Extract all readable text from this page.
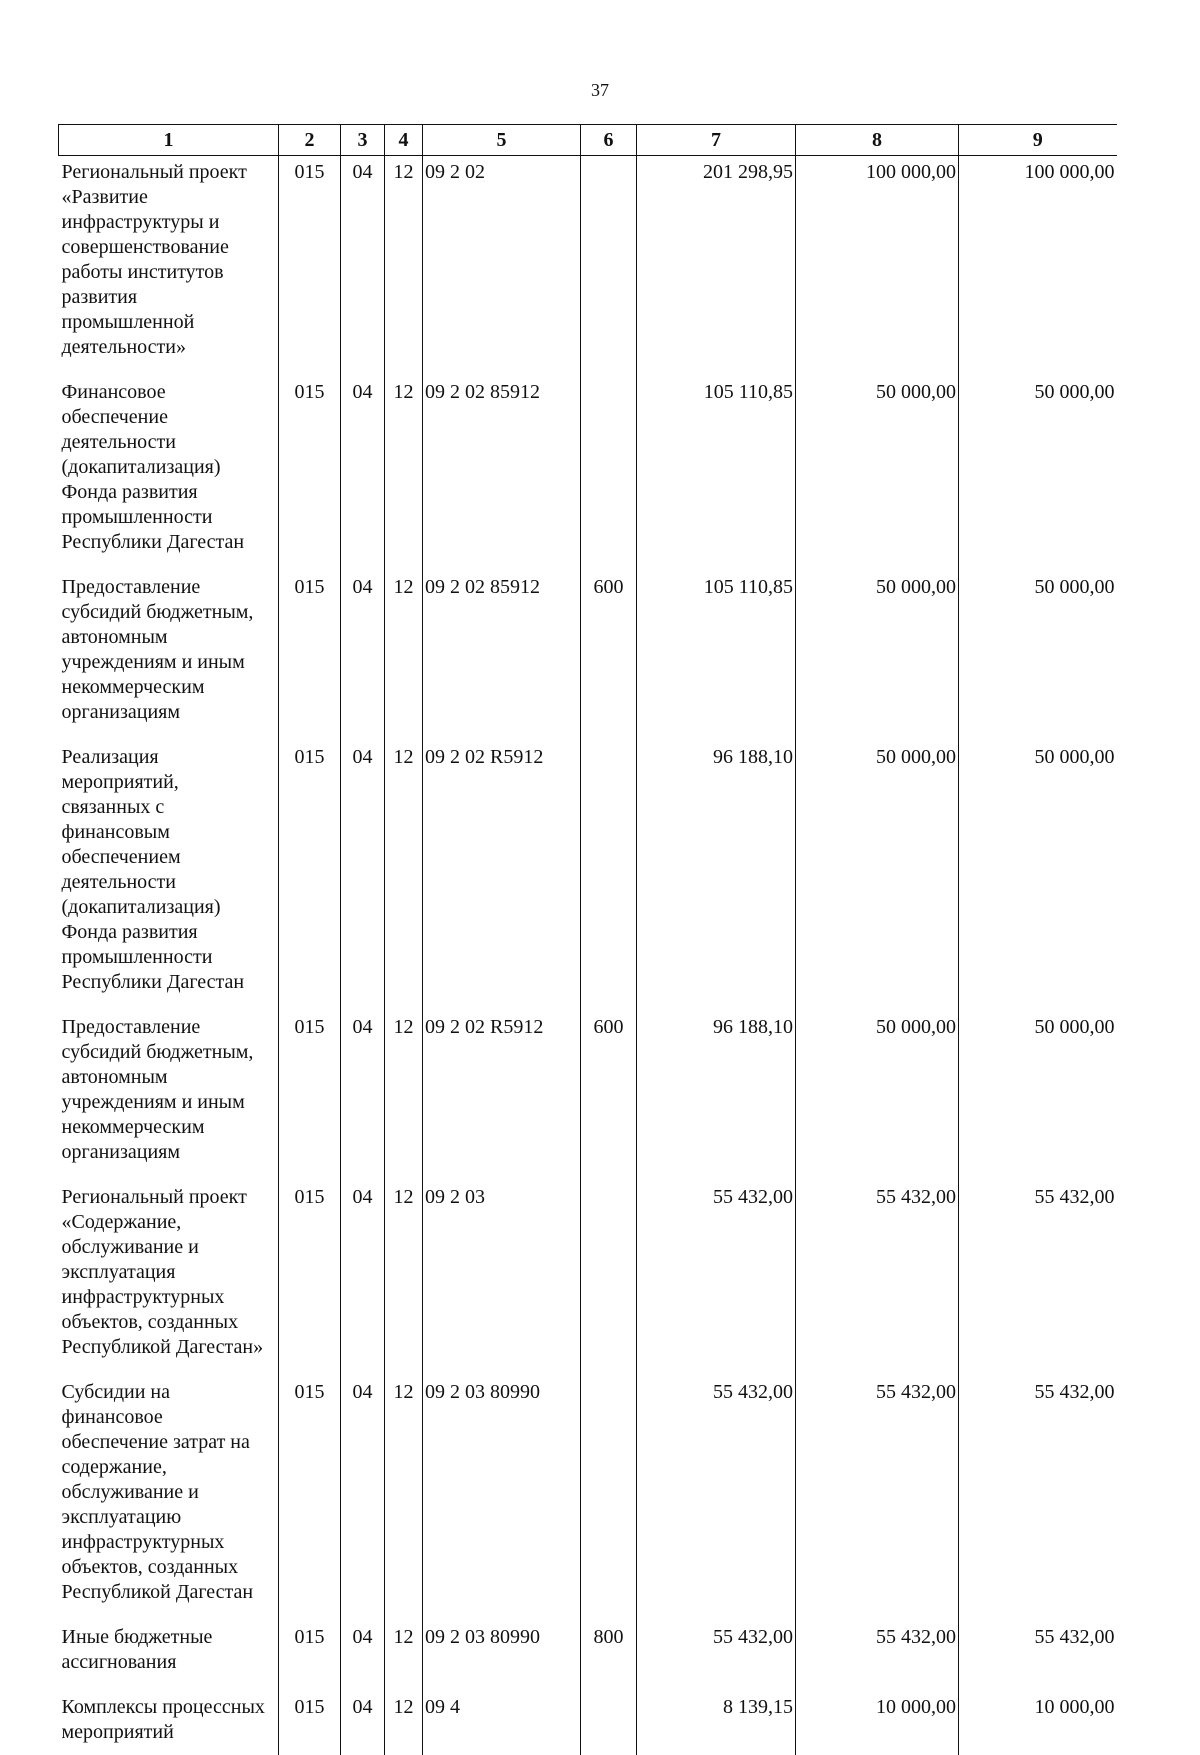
37
1	2	3	4	5	6	7	8	9
Региональный проект «Развитие инфраструктуры и совершенствование работы институтов развития промышленной деятельности»	015	04	12	09 2 02		201 298,95	100 000,00	100 000,00
Финансовое обеспечение деятельности (докапитализация) Фонда развития промышленности Республики Дагестан	015	04	12	09 2 02 85912		105 110,85	50 000,00	50 000,00
Предоставление субсидий бюджетным, автономным учреждениям и иным некоммерческим организациям	015	04	12	09 2 02 85912	600	105 110,85	50 000,00	50 000,00
Реализация мероприятий, связанных с финансовым обеспечением деятельности (докапитализация) Фонда развития промышленности Республики Дагестан	015	04	12	09 2 02 R5912		96 188,10	50 000,00	50 000,00
Предоставление субсидий бюджетным, автономным учреждениям и иным некоммерческим организациям	015	04	12	09 2 02 R5912	600	96 188,10	50 000,00	50 000,00
Региональный проект «Содержание, обслуживание и эксплуатация инфраструктурных объектов, созданных Республикой Дагестан»	015	04	12	09 2 03		55 432,00	55 432,00	55 432,00
Субсидии на финансовое обеспечение затрат на содержание, обслуживание и эксплуатацию инфраструктурных объектов, созданных Республикой Дагестан	015	04	12	09 2 03 80990		55 432,00	55 432,00	55 432,00
Иные бюджетные ассигнования	015	04	12	09 2 03 80990	800	55 432,00	55 432,00	55 432,00
Комплексы процессных мероприятий	015	04	12	09 4		8 139,15	10 000,00	10 000,00
